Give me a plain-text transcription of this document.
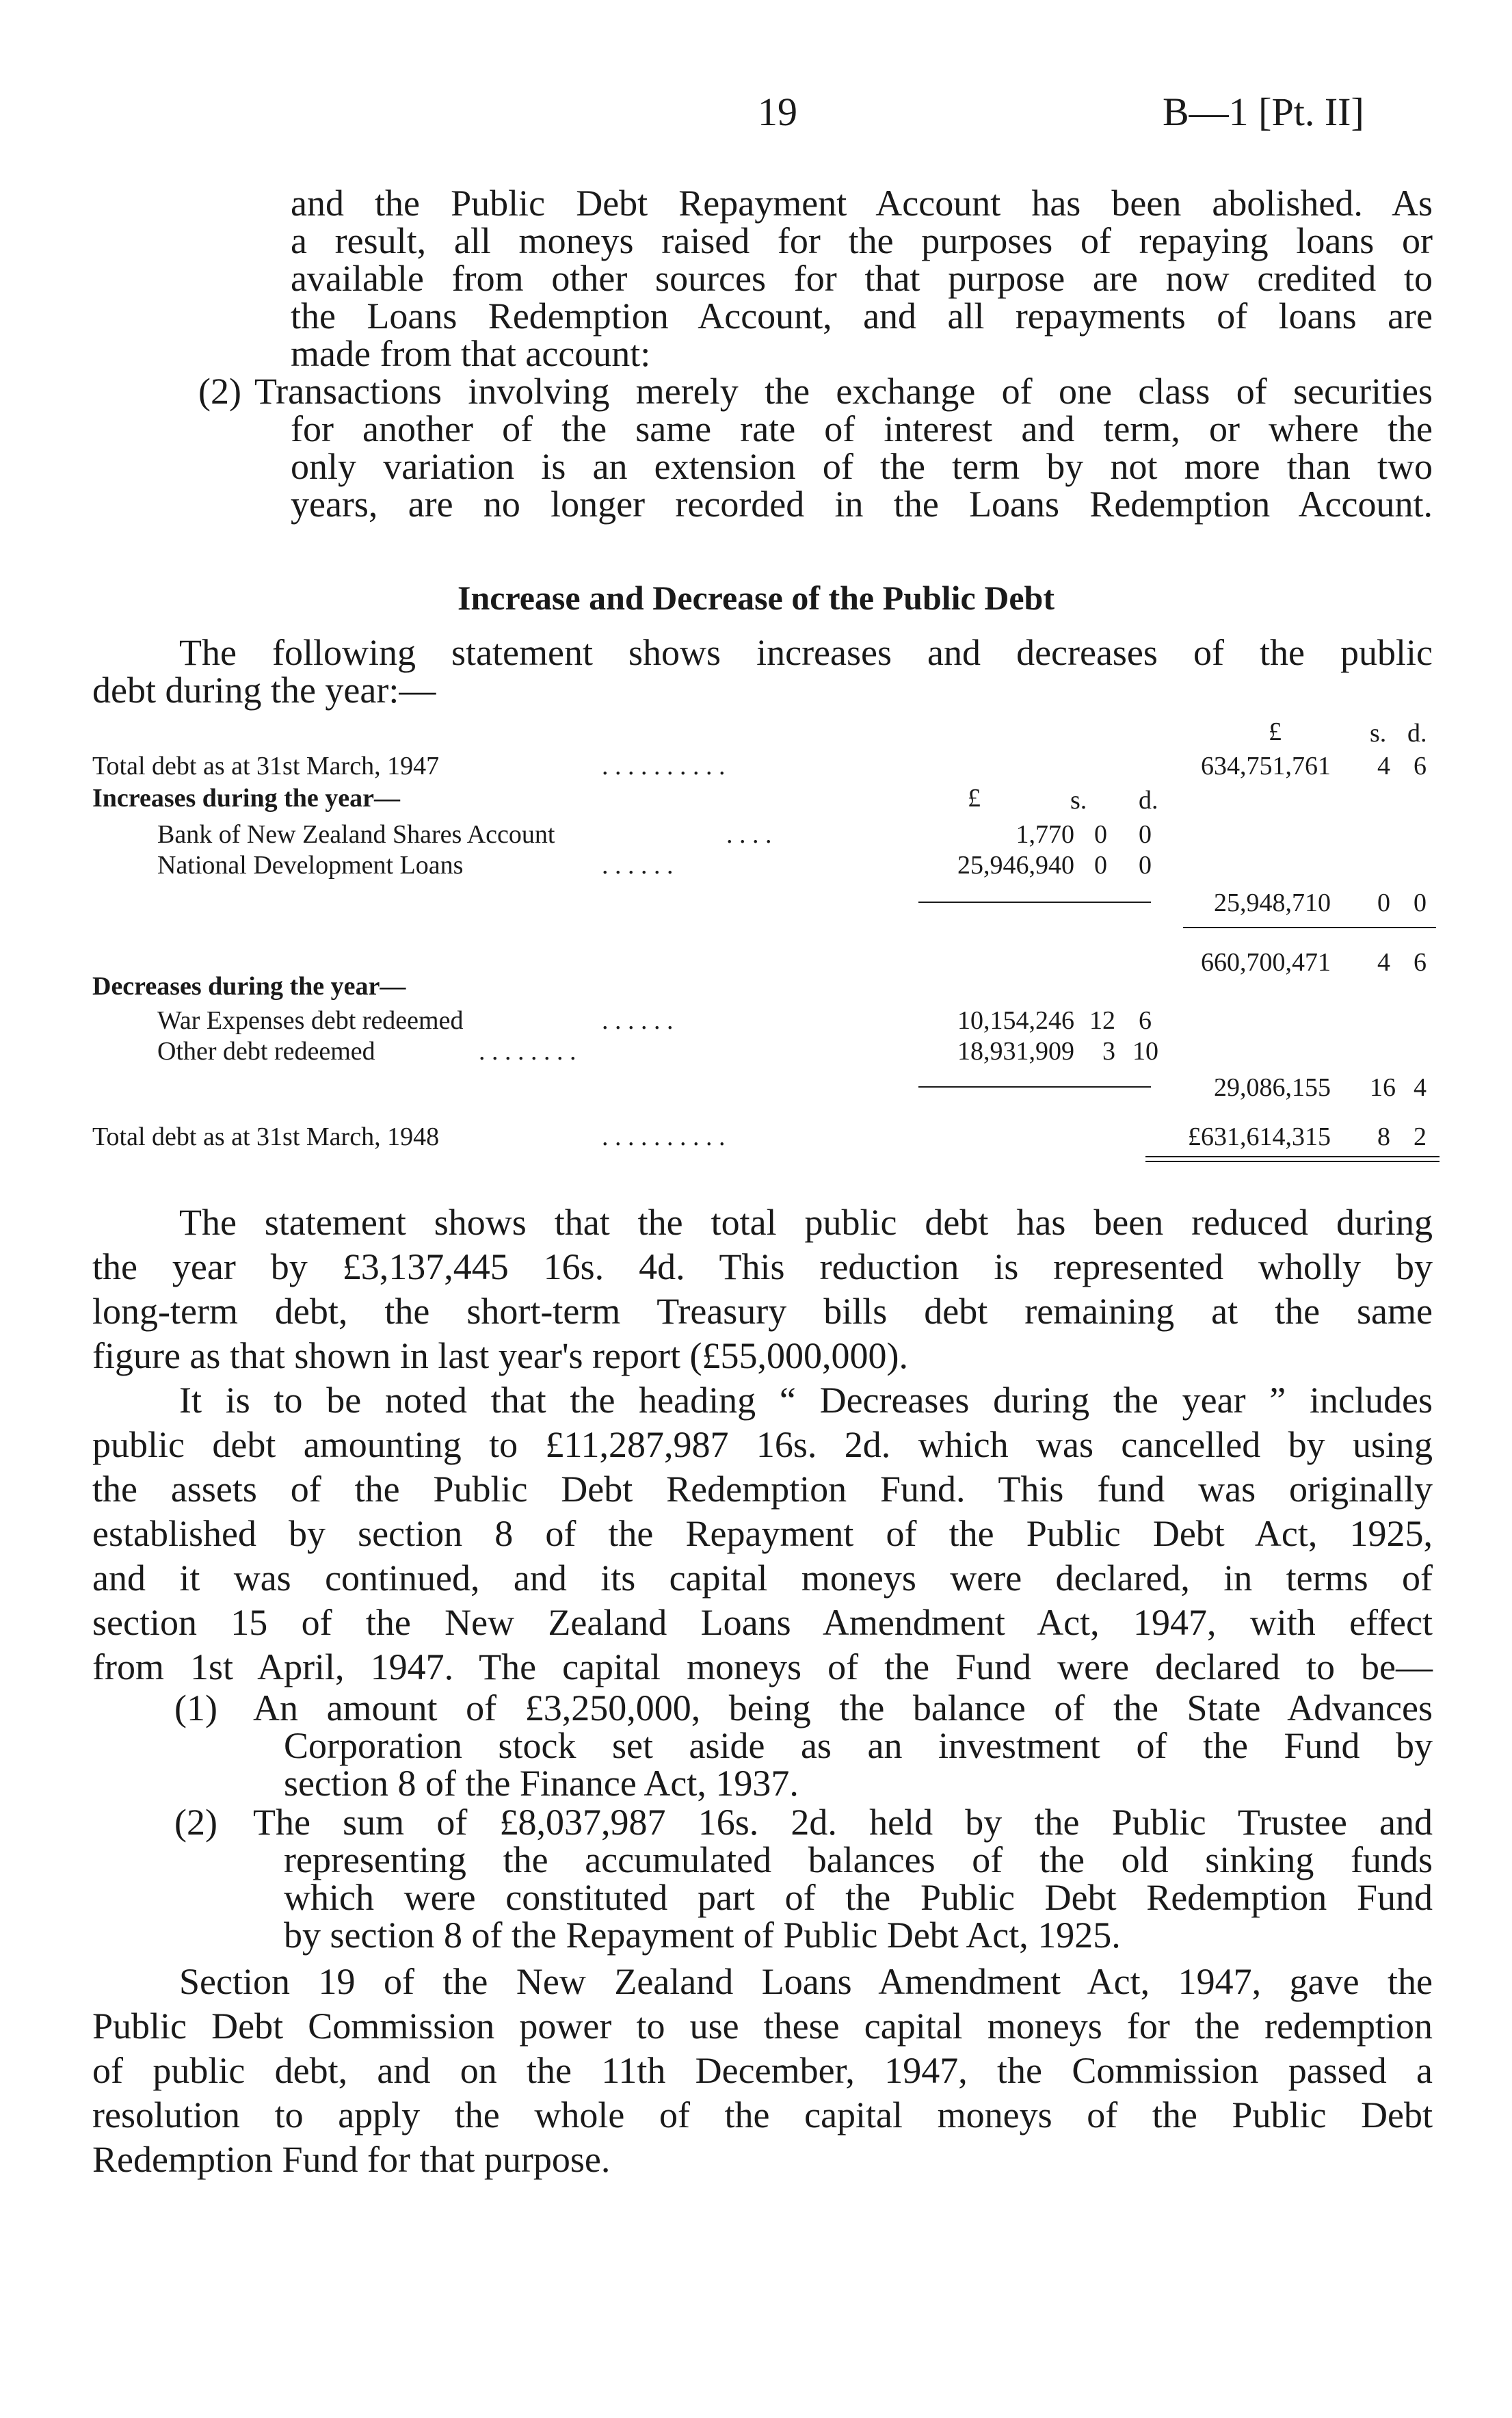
19	B—1 [Pt. II]
and the Public Debt Repayment Account has been abolished. As
a result, all moneys raised for the purposes of repaying loans or
available from other sources for that purpose are now credited to
the Loans Redemption Account, and all repayments of loans are
made from that account:
(2) Transactions involving merely the exchange of one class of securities
for another of the same rate of interest and term, or where the
only variation is an extension of the term by not more than two
years, are no longer recorded in the Loans Redemption Account.
Increase and Decrease of the Public Debt
The following statement shows increases and decreases of the public
debt during the year:—
£	s. d.
Total debt as at 31st March, 1947	. . . . . . . . . .	634,751,761 4 6
Increases during the year—	£	s. d.
Bank of New Zealand Shares Account	. . . .	1,770 0 0
National Development Loans	. . . . . .	25,946,940 0 0
25,948,710 0 0
660,700,471 4 6
Decreases during the year—
War Expenses debt redeemed	. . . . . .	10,154,246 12 6
Other debt redeemed	. . . . . . . .	18,931,909 3 10
29,086,155 16 4
Total debt as at 31st March, 1948	. . . . . . . . . .	£631,614,315 8 2
The statement shows that the total public debt has been reduced during
the year by £3,137,445 16s. 4d. This reduction is represented wholly by
long-term debt, the short-term Treasury bills debt remaining at the same
figure as that shown in last year's report (£55,000,000).
It is to be noted that the heading “ Decreases during the year ” includes
public debt amounting to £11,287,987 16s. 2d. which was cancelled by using
the assets of the Public Debt Redemption Fund. This fund was originally
established by section 8 of the Repayment of the Public Debt Act, 1925,
and it was continued, and its capital moneys were declared, in terms of
section 15 of the New Zealand Loans Amendment Act, 1947, with effect
from 1st April, 1947. The capital moneys of the Fund were declared to be—
(1) An amount of £3,250,000, being the balance of the State Advances
Corporation stock set aside as an investment of the Fund by
section 8 of the Finance Act, 1937.
(2) The sum of £8,037,987 16s. 2d. held by the Public Trustee and
representing the accumulated balances of the old sinking funds
which were constituted part of the Public Debt Redemption Fund
by section 8 of the Repayment of Public Debt Act, 1925.
Section 19 of the New Zealand Loans Amendment Act, 1947, gave the
Public Debt Commission power to use these capital moneys for the redemption
of public debt, and on the 11th December, 1947, the Commission passed a
resolution to apply the whole of the capital moneys of the Public Debt
Redemption Fund for that purpose.
